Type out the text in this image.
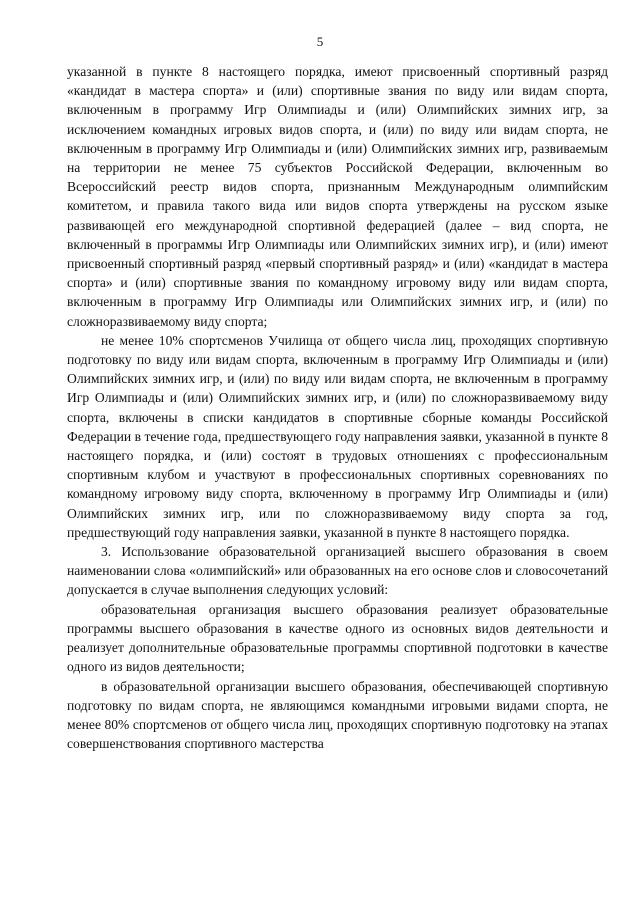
5

указанной в пункте 8 настоящего порядка, имеют присвоенный спортивный разряд «кандидат в мастера спорта» и (или) спортивные звания по виду или видам спорта, включенным в программу Игр Олимпиады и (или) Олимпийских зимних игр, за исключением командных игровых видов спорта, и (или) по виду или видам спорта, не включенным в программу Игр Олимпиады и (или) Олимпийских зимних игр, развиваемым на территории не менее 75 субъектов Российской Федерации, включенным во Всероссийский реестр видов спорта, признанным Международным олимпийским комитетом, и правила такого вида или видов спорта утверждены на русском языке развивающей его международной спортивной федерацией (далее – вид спорта, не включенный в программы Игр Олимпиады или Олимпийских зимних игр), и (или) имеют присвоенный спортивный разряд «первый спортивный разряд» и (или) «кандидат в мастера спорта» и (или) спортивные звания по командному игровому виду или видам спорта, включенным в программу Игр Олимпиады или Олимпийских зимних игр, и (или) по сложноразвиваемому виду спорта;

не менее 10% спортсменов Училища от общего числа лиц, проходящих спортивную подготовку по виду или видам спорта, включенным в программу Игр Олимпиады и (или) Олимпийских зимних игр, и (или) по виду или видам спорта, не включенным в программу Игр Олимпиады и (или) Олимпийских зимних игр, и (или) по сложноразвиваемому виду спорта, включены в списки кандидатов в спортивные сборные команды Российской Федерации в течение года, предшествующего году направления заявки, указанной в пункте 8 настоящего порядка, и (или) состоят в трудовых отношениях с профессиональным спортивным клубом и участвуют в профессиональных спортивных соревнованиях по командному игровому виду спорта, включенному в программу Игр Олимпиады и (или) Олимпийских зимних игр, или по сложноразвиваемому виду спорта за год, предшествующий году направления заявки, указанной в пункте 8 настоящего порядка.

3. Использование образовательной организацией высшего образования в своем наименовании слова «олимпийский» или образованных на его основе слов и словосочетаний допускается в случае выполнения следующих условий:

образовательная организация высшего образования реализует образовательные программы высшего образования в качестве одного из основных видов деятельности и реализует дополнительные образовательные программы спортивной подготовки в качестве одного из видов деятельности;

в образовательной организации высшего образования, обеспечивающей спортивную подготовку по видам спорта, не являющимся командными игровыми видами спорта, не менее 80% спортсменов от общего числа лиц, проходящих спортивную подготовку на этапах совершенствования спортивного мастерства
